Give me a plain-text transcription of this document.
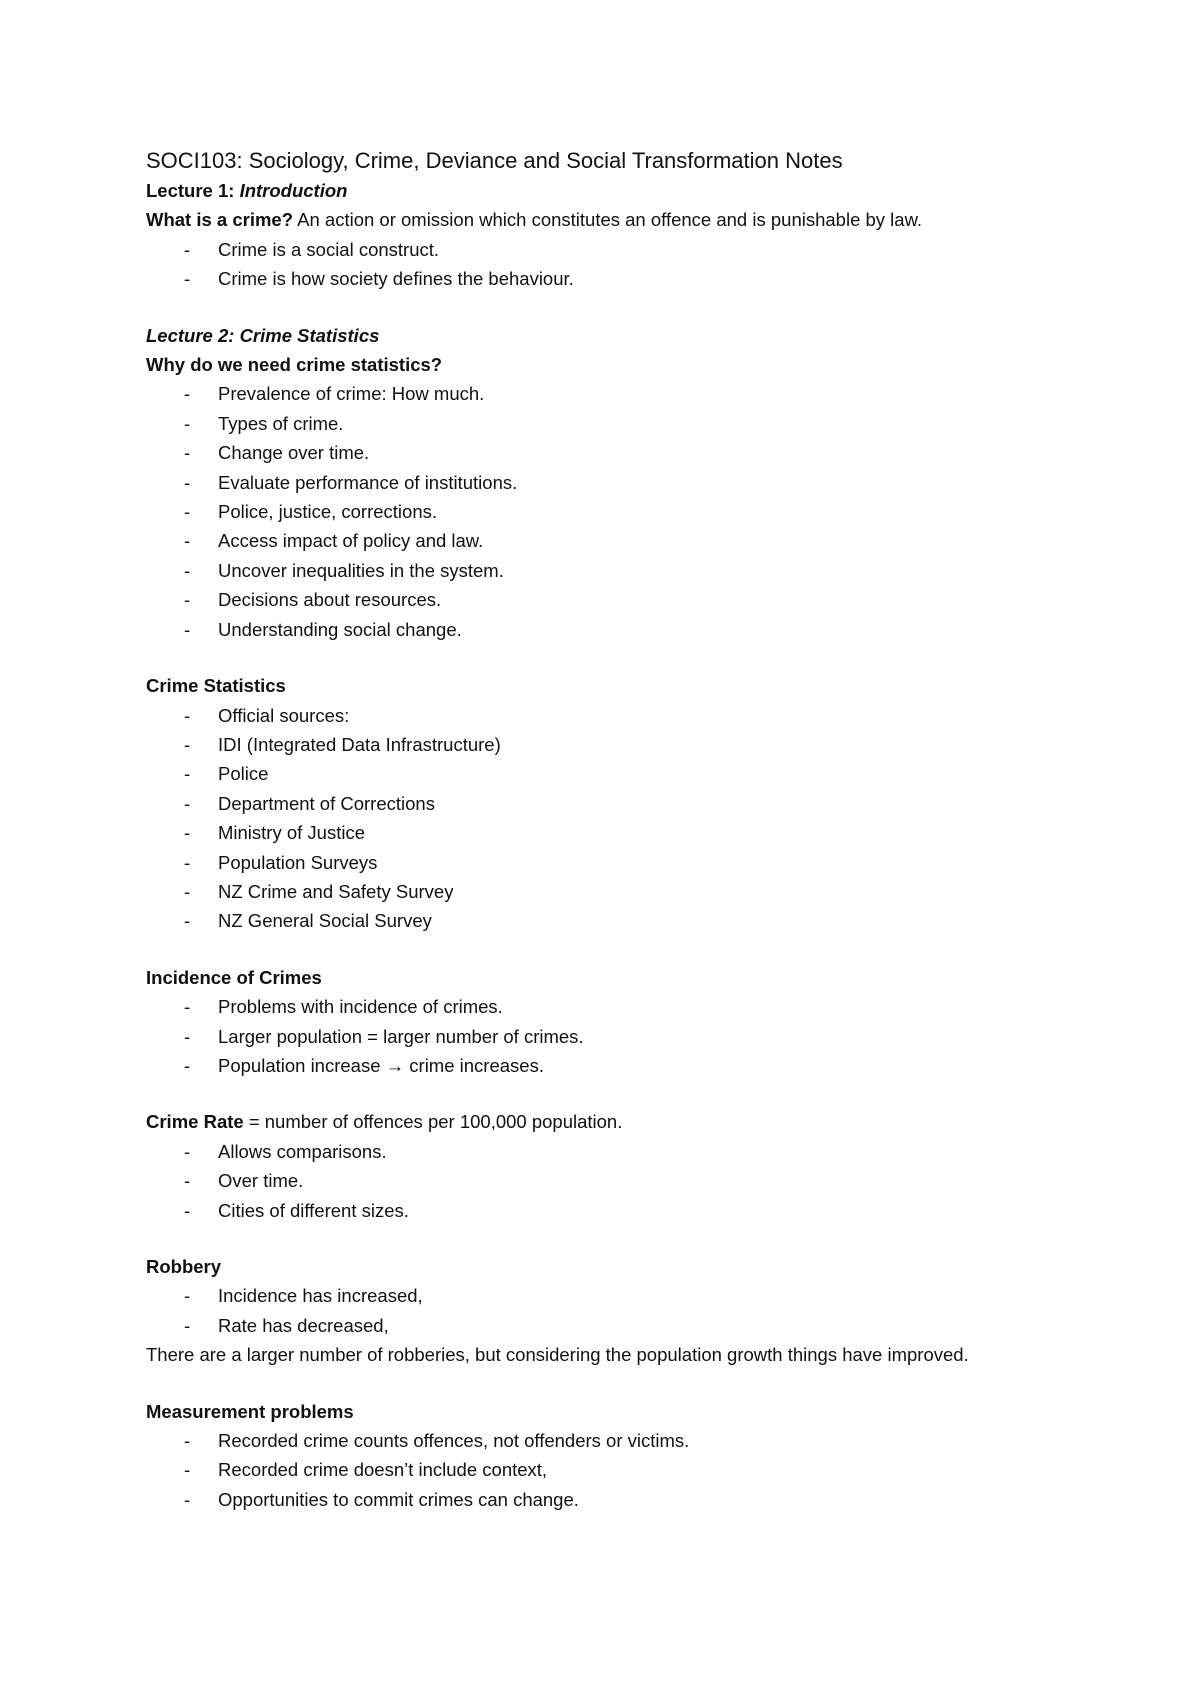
SOCI103: Sociology, Crime, Deviance and Social Transformation Notes

Lecture 1: Introduction

What is a crime? An action or omission which constitutes an offence and is punishable by law.

- Crime is a social construct.
- Crime is how society defines the behaviour.

Lecture 2: Crime Statistics

Why do we need crime statistics?

- Prevalence of crime: How much.
- Types of crime.
- Change over time.
- Evaluate performance of institutions.
- Police, justice, corrections.
- Access impact of policy and law.
- Uncover inequalities in the system.
- Decisions about resources.
- Understanding social change.

Crime Statistics

- Official sources:
- IDI (Integrated Data Infrastructure)
- Police
- Department of Corrections
- Ministry of Justice
- Population Surveys
- NZ Crime and Safety Survey
- NZ General Social Survey

Incidence of Crimes

- Problems with incidence of crimes.
- Larger population = larger number of crimes.
- Population increase → crime increases.

Crime Rate = number of offences per 100,000 population.

- Allows comparisons.
- Over time.
- Cities of different sizes.

Robbery

- Incidence has increased,
- Rate has decreased,

There are a larger number of robberies, but considering the population growth things have improved.

Measurement problems

- Recorded crime counts offences, not offenders or victims.
- Recorded crime doesn’t include context,
- Opportunities to commit crimes can change.
